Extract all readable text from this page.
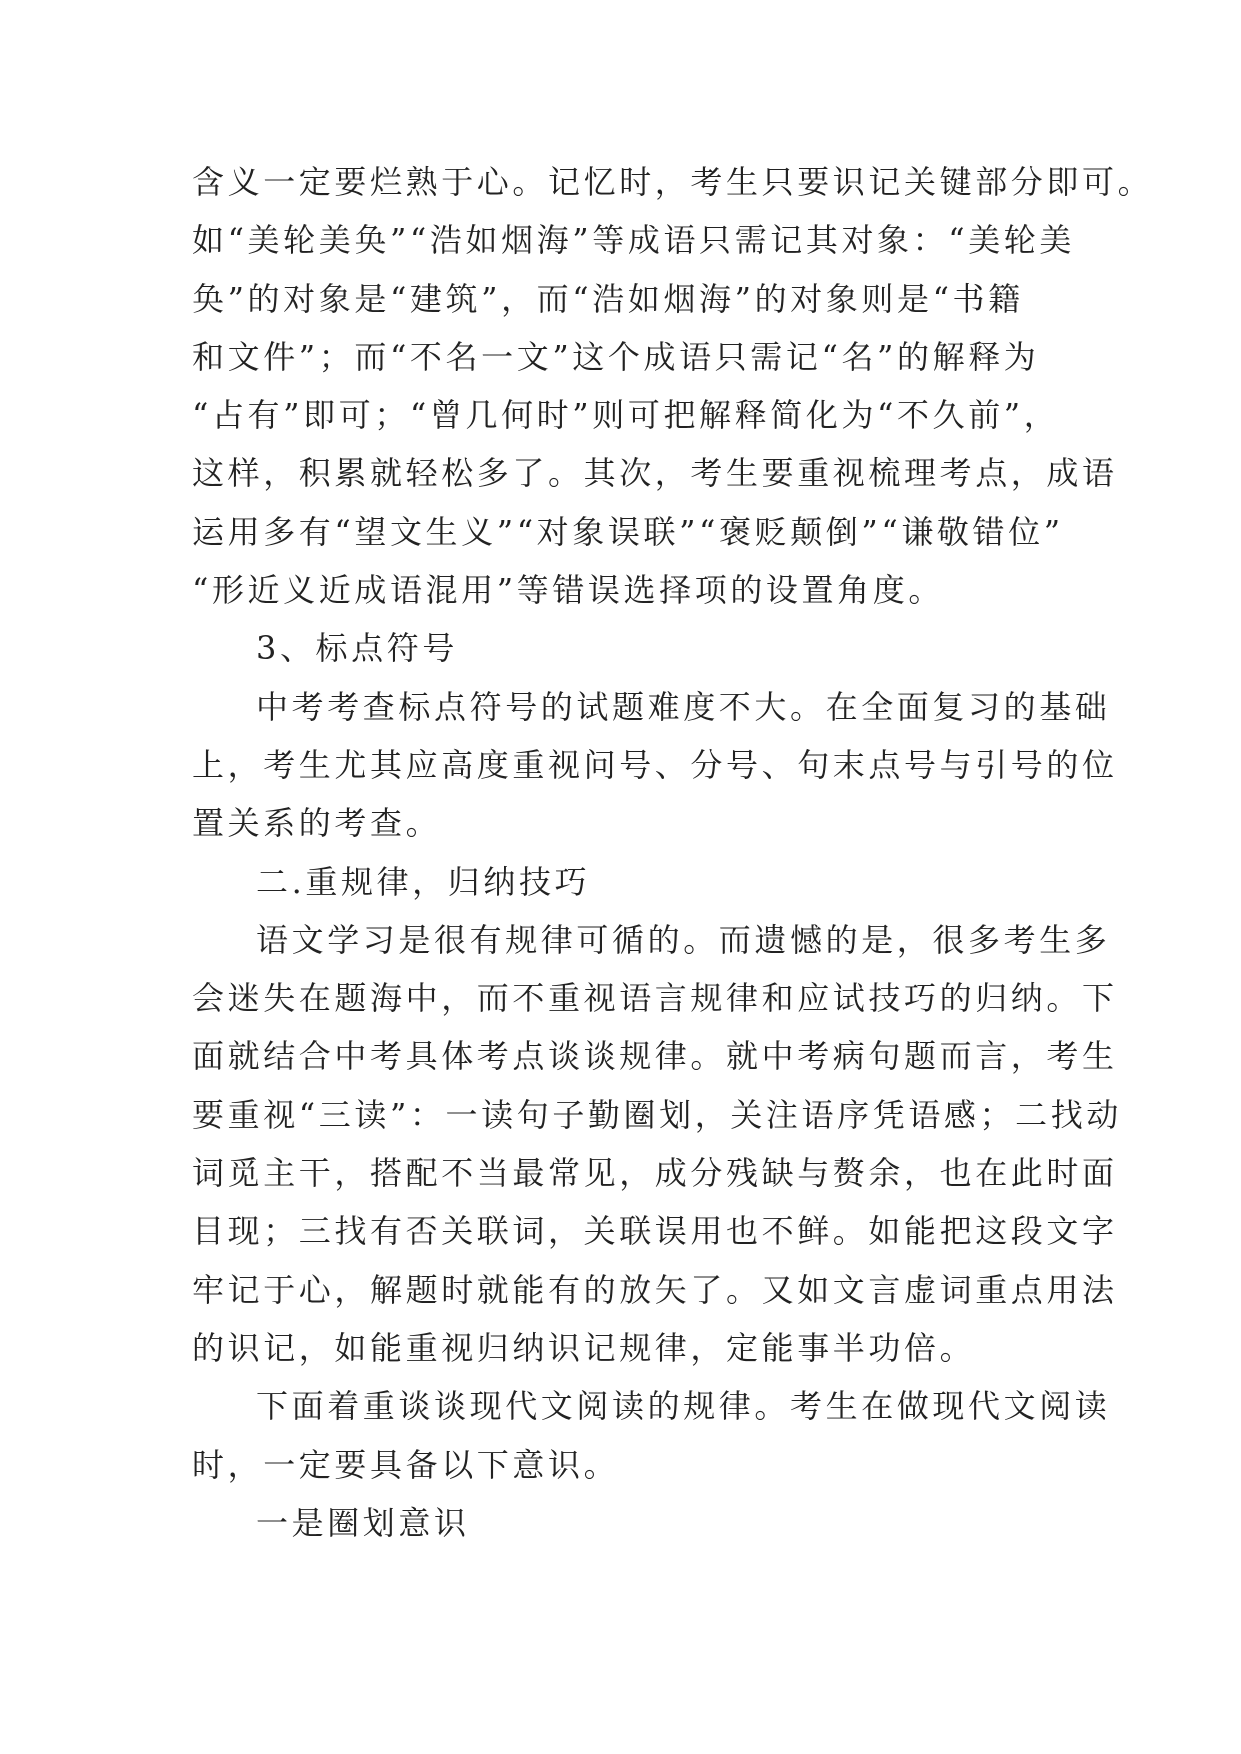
含义一定要烂熟于心。记忆时，考生只要识记关键部分即可。
如“美轮美奂”“浩如烟海”等成语只需记其对象：“美轮美
奂”的对象是“建筑”，而“浩如烟海”的对象则是“书籍
和文件”；而“不名一文”这个成语只需记“名”的解释为
“占有”即可；“曾几何时”则可把解释简化为“不久前”，
这样，积累就轻松多了。其次，考生要重视梳理考点，成语
运用多有“望文生义”“对象误联”“褒贬颠倒”“谦敬错位”
“形近义近成语混用”等错误选择项的设置角度。
3、标点符号
中考考查标点符号的试题难度不大。在全面复习的基础
上，考生尤其应高度重视问号、分号、句末点号与引号的位
置关系的考查。
二.重规律，归纳技巧
语文学习是很有规律可循的。而遗憾的是，很多考生多
会迷失在题海中，而不重视语言规律和应试技巧的归纳。下
面就结合中考具体考点谈谈规律。就中考病句题而言，考生
要重视“三读”：一读句子勤圈划，关注语序凭语感；二找动
词觅主干，搭配不当最常见，成分残缺与赘余，也在此时面
目现；三找有否关联词，关联误用也不鲜。如能把这段文字
牢记于心，解题时就能有的放矢了。又如文言虚词重点用法
的识记，如能重视归纳识记规律，定能事半功倍。
下面着重谈谈现代文阅读的规律。考生在做现代文阅读
时，一定要具备以下意识。
一是圈划意识
